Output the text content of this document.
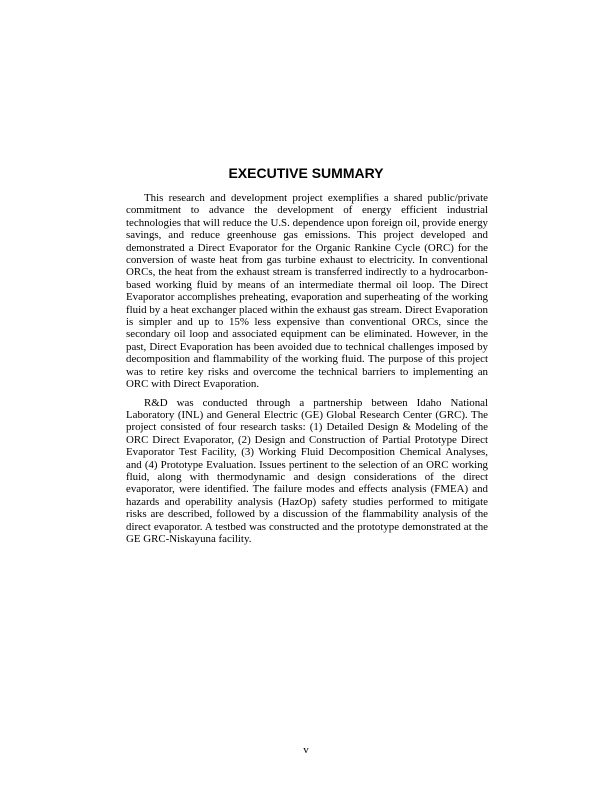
EXECUTIVE SUMMARY

This research and development project exemplifies a shared public/private commitment to advance the development of energy efficient industrial technologies that will reduce the U.S. dependence upon foreign oil, provide energy savings, and reduce greenhouse gas emissions. This project developed and demonstrated a Direct Evaporator for the Organic Rankine Cycle (ORC) for the conversion of waste heat from gas turbine exhaust to electricity. In conventional ORCs, the heat from the exhaust stream is transferred indirectly to a hydrocarbon-based working fluid by means of an intermediate thermal oil loop. The Direct Evaporator accomplishes preheating, evaporation and superheating of the working fluid by a heat exchanger placed within the exhaust gas stream. Direct Evaporation is simpler and up to 15% less expensive than conventional ORCs, since the secondary oil loop and associated equipment can be eliminated. However, in the past, Direct Evaporation has been avoided due to technical challenges imposed by decomposition and flammability of the working fluid. The purpose of this project was to retire key risks and overcome the technical barriers to implementing an ORC with Direct Evaporation.

R&D was conducted through a partnership between Idaho National Laboratory (INL) and General Electric (GE) Global Research Center (GRC). The project consisted of four research tasks: (1) Detailed Design & Modeling of the ORC Direct Evaporator, (2) Design and Construction of Partial Prototype Direct Evaporator Test Facility, (3) Working Fluid Decomposition Chemical Analyses, and (4) Prototype Evaluation. Issues pertinent to the selection of an ORC working fluid, along with thermodynamic and design considerations of the direct evaporator, were identified. The failure modes and effects analysis (FMEA) and hazards and operability analysis (HazOp) safety studies performed to mitigate risks are described, followed by a discussion of the flammability analysis of the direct evaporator. A testbed was constructed and the prototype demonstrated at the GE GRC-Niskayuna facility.

v
